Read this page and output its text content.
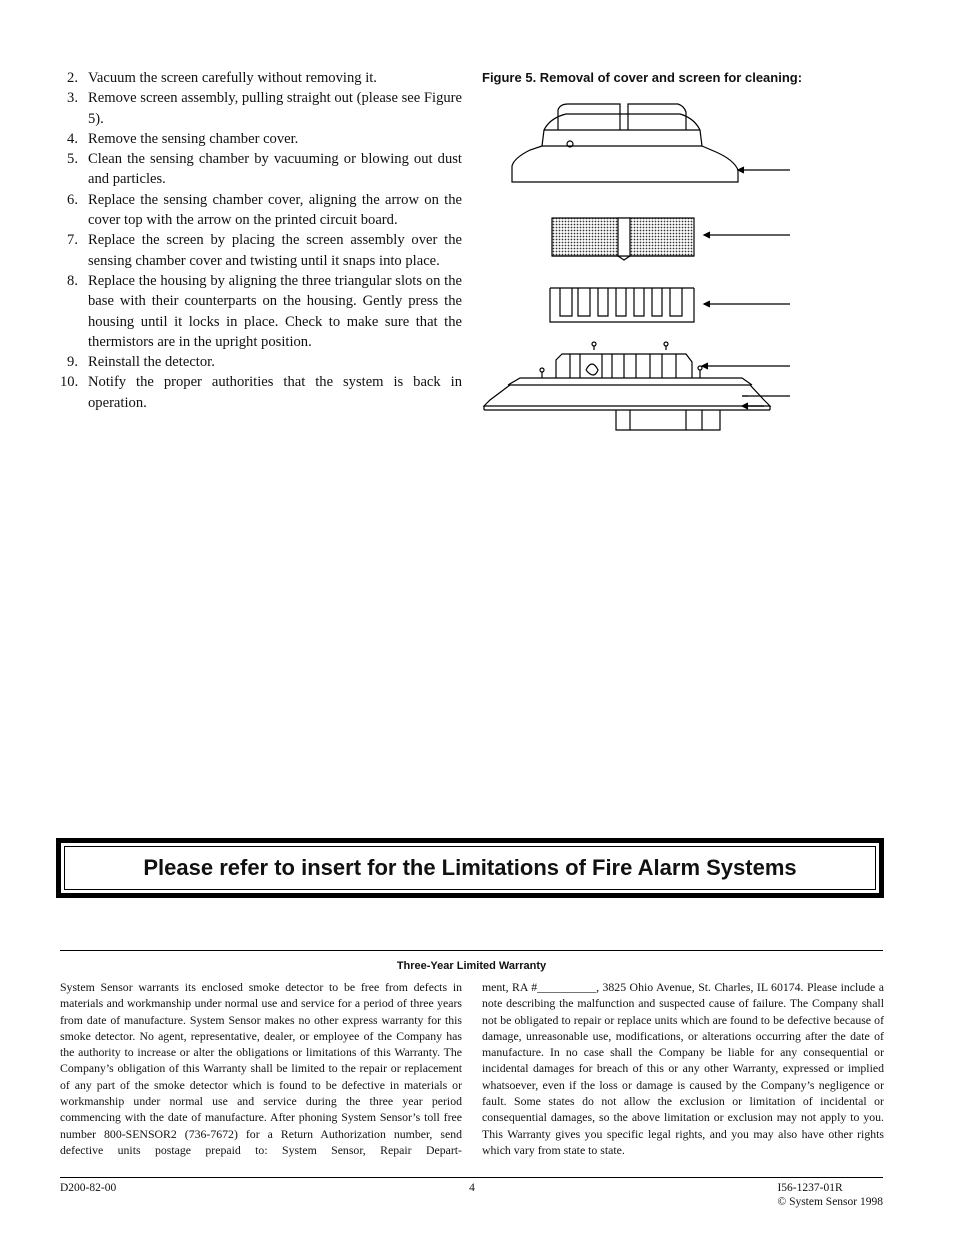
2. Vacuum the screen carefully without removing it.
3. Remove screen assembly, pulling straight out (please see Figure 5).
4. Remove the sensing chamber cover.
5. Clean the sensing chamber by vacuuming or blowing out dust and particles.
6. Replace the sensing chamber cover, aligning the arrow on the cover top with the arrow on the printed circuit board.
7. Replace the screen by placing the screen assembly over the sensing chamber cover and twisting until it snaps into place.
8. Replace the housing by aligning the three triangular slots on the base with their counterparts on the housing. Gently press the housing until it locks in place. Check to make sure that the thermistors are in the upright position.
9. Reinstall the detector.
10. Notify the proper authorities that the system is back in operation.
Figure 5. Removal of cover and screen for cleaning:
Please refer to insert for the Limitations of Fire Alarm Systems
Three-Year Limited Warranty
System Sensor warrants its enclosed smoke detector to be free from defects in materials and workmanship under normal use and service for a period of three years from date of manufacture. System Sensor makes no other express warranty for this smoke detector. No agent, representative, dealer, or employee of the Company has the authority to increase or alter the obligations or limitations of this Warranty. The Company’s obligation of this Warranty shall be limited to the repair or replacement of any part of the smoke detector which is found to be defective in materials or workmanship under normal use and service during the three year period commencing with the date of manufacture. After phoning System Sensor’s toll free number 800-SENSOR2 (736-7672) for a Return Authorization number, send defective units postage prepaid to: System Sensor, Repair Depart-
ment, RA #__________, 3825 Ohio Avenue, St. Charles, IL 60174. Please include a note describing the malfunction and suspected cause of failure. The Company shall not be obligated to repair or replace units which are found to be defective because of damage, unreasonable use, modifications, or alterations occurring after the date of manufacture. In no case shall the Company be liable for any consequential or incidental damages for breach of this or any other Warranty, expressed or implied whatsoever, even if the loss or damage is caused by the Company’s negligence or fault. Some states do not allow the exclusion or limitation of incidental or consequential damages, so the above limitation or exclusion may not apply to you. This Warranty gives you specific legal rights, and you may also have other rights which vary from state to state.
D200-82-00	4	I56-1237-01R
© System Sensor 1998
